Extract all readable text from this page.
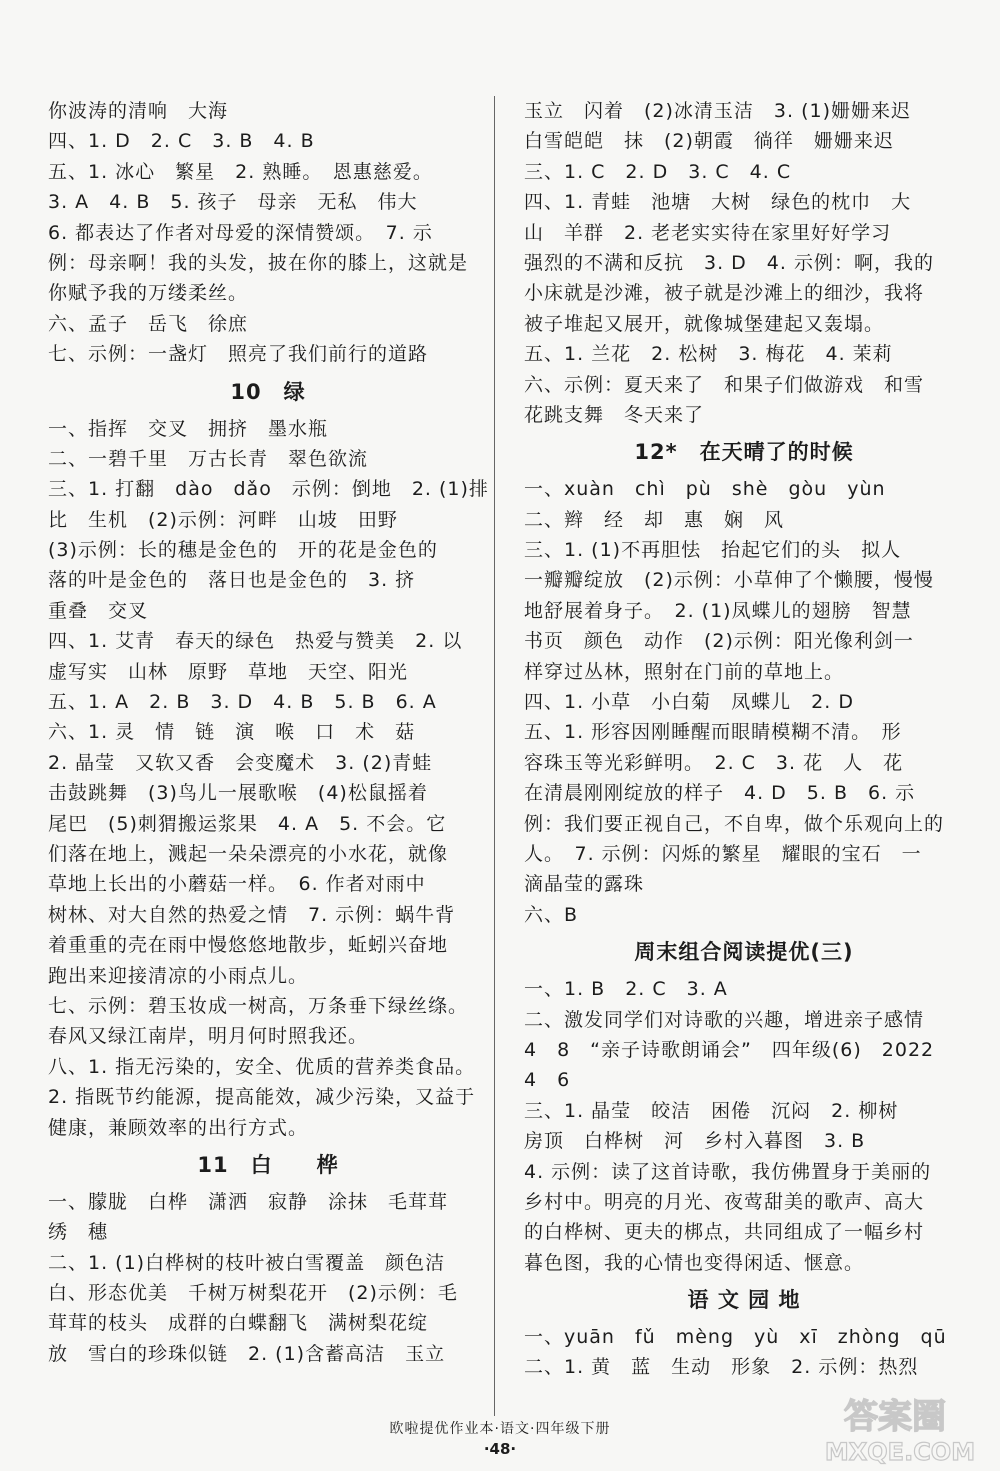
你波涛的清响　大海
四、1. D　2. C　3. B　4. B
五、1. 冰心　繁星　2. 熟睡。　恩惠慈爱。
3. A　4. B　5. 孩子　母亲　无私　伟大
6. 都表达了作者对母爱的深情赞颂。　7. 示
例：母亲啊！我的头发，披在你的膝上，这就是
你赋予我的万缕柔丝。
六、孟子　岳飞　徐庶
七、示例：一盏灯　照亮了我们前行的道路
10　绿
一、指挥　交叉　拥挤　墨水瓶
二、一碧千里　万古长青　翠色欲流
三、1. 打翻　dào　dǎo　示例：倒地　2. (1)排
比　生机　(2)示例：河畔　山坡　田野
(3)示例：长的穗是金色的　开的花是金色的
落的叶是金色的　落日也是金色的　3. 挤
重叠　交叉
四、1. 艾青　春天的绿色　热爱与赞美　2. 以
虚写实　山林　原野　草地　天空、阳光
五、1. A　2. B　3. D　4. B　5. B　6. A
六、1. 灵　情　链　演　喉　口　术　菇
2. 晶莹　又软又香　会变魔术　3. (2)青蛙
击鼓跳舞　(3)鸟儿一展歌喉　(4)松鼠摇着
尾巴　(5)刺猬搬运浆果　4. A　5. 不会。它
们落在地上，溅起一朵朵漂亮的小水花，就像
草地上长出的小蘑菇一样。　6. 作者对雨中
树林、对大自然的热爱之情　7. 示例：蜗牛背
着重重的壳在雨中慢悠悠地散步，蚯蚓兴奋地
跑出来迎接清凉的小雨点儿。
七、示例：碧玉妆成一树高，万条垂下绿丝绦。
春风又绿江南岸，明月何时照我还。
八、1. 指无污染的，安全、优质的营养类食品。
2. 指既节约能源，提高能效，减少污染，又益于
健康，兼顾效率的出行方式。
11　白　　桦
一、朦胧　白桦　潇洒　寂静　涂抹　毛茸茸
绣　穗
二、1. (1)白桦树的枝叶被白雪覆盖　颜色洁
白、形态优美　千树万树梨花开　(2)示例：毛
茸茸的枝头　成群的白蝶翻飞　满树梨花绽
放　雪白的珍珠似链　2. (1)含蓄高洁　玉立
玉立　闪着　(2)冰清玉洁　3. (1)姗姗来迟
白雪皑皑　抹　(2)朝霞　徜徉　姗姗来迟
三、1. C　2. D　3. C　4. C
四、1. 青蛙　池塘　大树　绿色的枕巾　大
山　羊群　2. 老老实实待在家里好好学习
强烈的不满和反抗　3. D　4. 示例：啊，我的
小床就是沙滩，被子就是沙滩上的细沙，我将
被子堆起又展开，就像城堡建起又轰塌。
五、1. 兰花　2. 松树　3. 梅花　4. 茉莉
六、示例：夏天来了　和果子们做游戏　和雪
花跳支舞　冬天来了
12*　在天晴了的时候
一、xuàn　chì　pù　shè　gòu　yùn
二、辫　经　却　惠　娴　风
三、1. (1)不再胆怯　抬起它们的头　拟人
一瓣瓣绽放　(2)示例：小草伸了个懒腰，慢慢
地舒展着身子。　2. (1)凤蝶儿的翅膀　智慧
书页　颜色　动作　(2)示例：阳光像利剑一
样穿过丛林，照射在门前的草地上。
四、1. 小草　小白菊　凤蝶儿　2. D
五、1. 形容因刚睡醒而眼睛模糊不清。　形
容珠玉等光彩鲜明。　2. C　3. 花　人　花
在清晨刚刚绽放的样子　4. D　5. B　6. 示
例：我们要正视自己，不自卑，做个乐观向上的
人。　7. 示例：闪烁的繁星　耀眼的宝石　一
滴晶莹的露珠
六、B
周末组合阅读提优(三)
一、1. B　2. C　3. A
二、激发同学们对诗歌的兴趣，增进亲子感情
4　8　“亲子诗歌朗诵会”　四年级(6)　2022
4　6
三、1. 晶莹　皎洁　困倦　沉闷　2. 柳树
房顶　白桦树　河　乡村入暮图　3. B
4. 示例：读了这首诗歌，我仿佛置身于美丽的
乡村中。明亮的月光、夜莺甜美的歌声、高大
的白桦树、更夫的梆点，共同组成了一幅乡村
暮色图，我的心情也变得闲适、惬意。
语 文 园 地
一、yuān　fǔ　mèng　yù　xī　zhòng　qū
二、1. 黄　蓝　生动　形象　2. 示例：热烈
欧啦提优作业本·语文·四年级下册
·48·
答案圈
MXQE.COM
